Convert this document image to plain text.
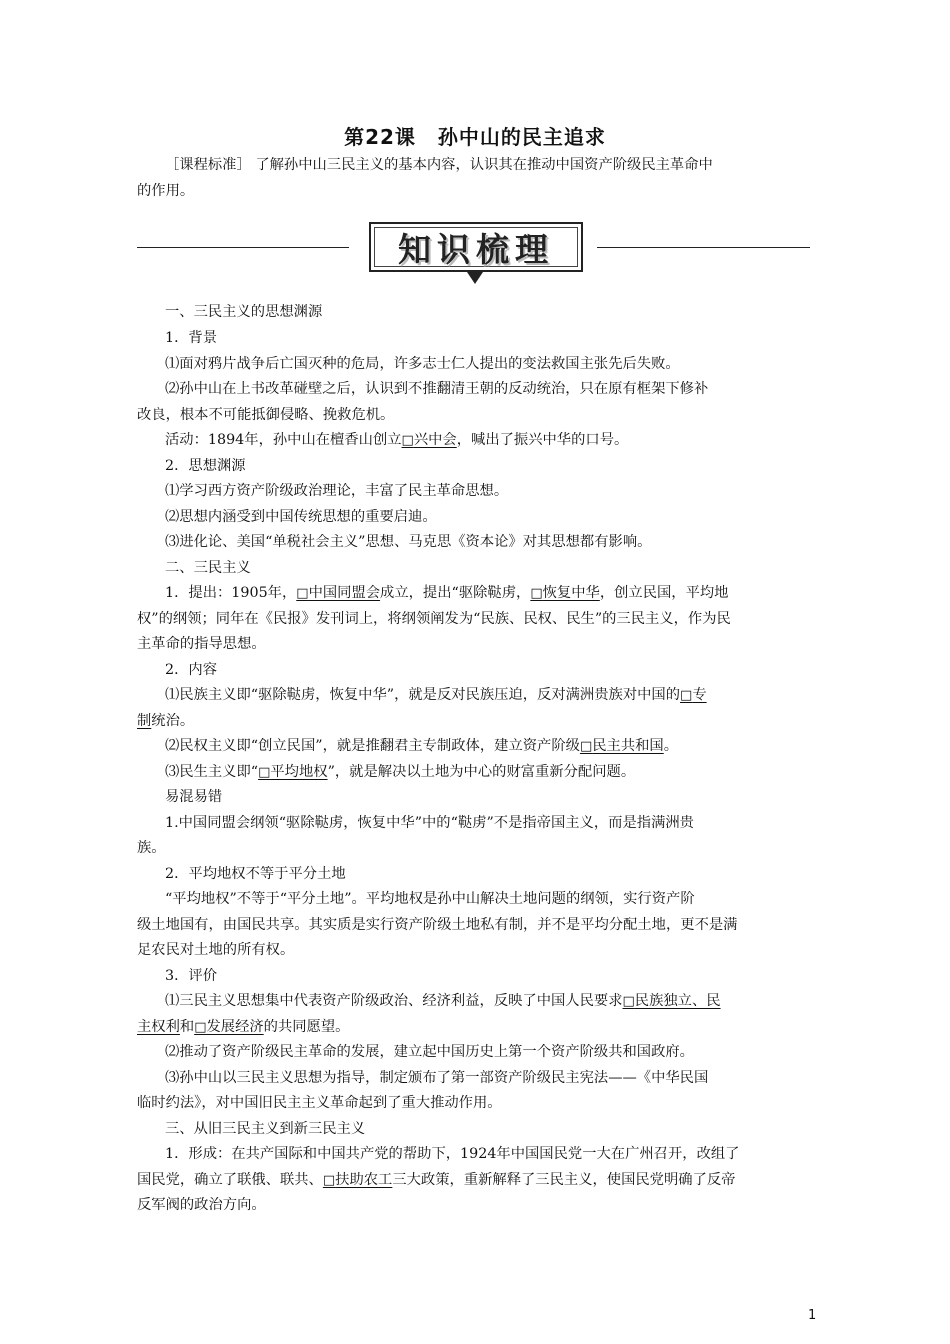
第22课 孙中山的民主追求
［课程标准］ 了解孙中山三民主义的基本内容，认识其在推动中国资产阶级民主革命中
的作用。
知识梳理
一、三民主义的思想渊源
1．背景
⑴面对鸦片战争后亡国灭种的危局，许多志士仁人提出的变法救国主张先后失败。
⑵孙中山在上书改革碰壁之后，认识到不推翻清王朝的反动统治，只在原有框架下修补
改良，根本不可能抵御侵略、挽救危机。
活动：1894年，孙中山在檀香山创立□兴中会，喊出了振兴中华的口号。
2．思想渊源
⑴学习西方资产阶级政治理论，丰富了民主革命思想。
⑵思想内涵受到中国传统思想的重要启迪。
⑶进化论、美国“单税社会主义”思想、马克思《资本论》对其思想都有影响。
二、三民主义
1．提出：1905年，□中国同盟会成立，提出“驱除鞑虏，□恢复中华，创立民国，平均地
权”的纲领；同年在《民报》发刊词上，将纲领阐发为“民族、民权、民生”的三民主义，作为民
主革命的指导思想。
2．内容
⑴民族主义即“驱除鞑虏，恢复中华”，就是反对民族压迫，反对满洲贵族对中国的□专
制统治。
⑵民权主义即“创立民国”，就是推翻君主专制政体，建立资产阶级□民主共和国。
⑶民生主义即“□平均地权”，就是解决以土地为中心的财富重新分配问题。
易混易错
1.中国同盟会纲领“驱除鞑虏，恢复中华”中的“鞑虏”不是指帝国主义，而是指满洲贵
族。
2．平均地权不等于平分土地
“平均地权”不等于“平分土地”。平均地权是孙中山解决土地问题的纲领，实行资产阶
级土地国有，由国民共享。其实质是实行资产阶级土地私有制，并不是平均分配土地，更不是满
足农民对土地的所有权。
3．评价
⑴三民主义思想集中代表资产阶级政治、经济利益，反映了中国人民要求□民族独立、民
主权利和□发展经济的共同愿望。
⑵推动了资产阶级民主革命的发展，建立起中国历史上第一个资产阶级共和国政府。
⑶孙中山以三民主义思想为指导，制定颁布了第一部资产阶级民主宪法——《中华民国
临时约法》，对中国旧民主主义革命起到了重大推动作用。
三、从旧三民主义到新三民主义
1．形成：在共产国际和中国共产党的帮助下，1924年中国国民党一大在广州召开，改组了
国民党，确立了联俄、联共、□扶助农工三大政策，重新解释了三民主义，使国民党明确了反帝
反军阀的政治方向。
1
